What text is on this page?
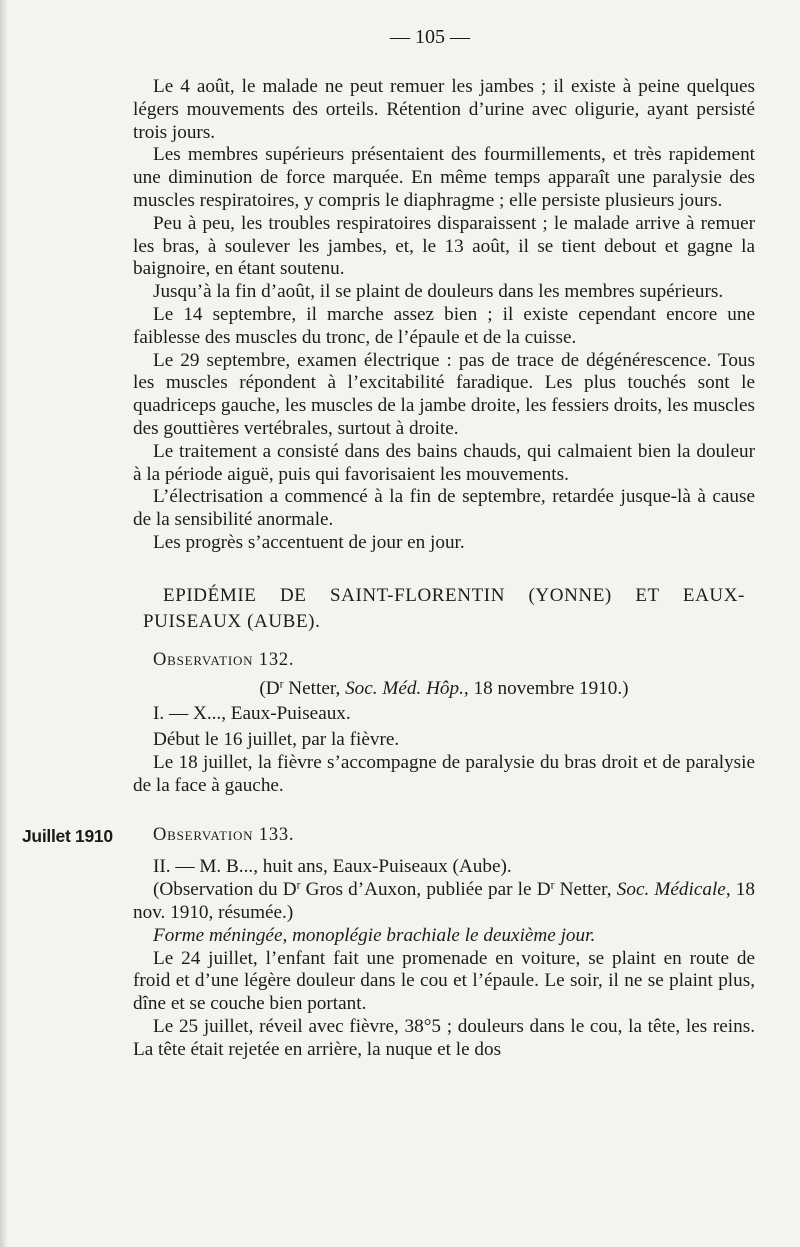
— 105 —
Juillet 1910

Le 4 août, le malade ne peut remuer les jambes ; il existe à peine quelques légers mouvements des orteils. Rétention d’urine avec oligurie, ayant persisté trois jours.

Les membres supérieurs présentaient des fourmillements, et très rapidement une diminution de force marquée. En même temps apparaît une paralysie des muscles respiratoires, y compris le diaphragme ; elle persiste plusieurs jours.

Peu à peu, les troubles respiratoires disparaissent ; le malade arrive à remuer les bras, à soulever les jambes, et, le 13 août, il se tient debout et gagne la baignoire, en étant soutenu.

Jusqu’à la fin d’août, il se plaint de douleurs dans les membres supérieurs.

Le 14 septembre, il marche assez bien ; il existe cependant encore une faiblesse des muscles du tronc, de l’épaule et de la cuisse.

Le 29 septembre, examen électrique : pas de trace de dégénérescence. Tous les muscles répondent à l’excitabilité faradique. Les plus touchés sont le quadriceps gauche, les muscles de la jambe droite, les fessiers droits, les muscles des gouttières vertébrales, surtout à droite.

Le traitement a consisté dans des bains chauds, qui calmaient bien la douleur à la période aiguë, puis qui favorisaient les mouvements.

L’électrisation a commencé à la fin de septembre, retardée jusque-là à cause de la sensibilité anormale.

Les progrès s’accentuent de jour en jour.

EPIDÉMIE DE SAINT-FLORENTIN (YONNE) ET EAUX-PUISEAUX (AUBE).

Observation 132.

($D^r$ Netter, Soc. Méd. Hôp., 18 novembre 1910.)

I. — X..., Eaux-Puiseaux.

Début le 16 juillet, par la fièvre.

Le 18 juillet, la fièvre s’accompagne de paralysie du bras droit et de paralysie de la face à gauche.

Observation 133.

II. — M. B..., huit ans, Eaux-Puiseaux (Aube).

(Observation du $D^r$ Gros d’Auxon, publiée par le $D^r$ Netter, Soc. Médicale, 18 nov. 1910, résumée.)

Forme méningée, monoplégie brachiale le deuxième jour.

Le 24 juillet, l’enfant fait une promenade en voiture, se plaint en route de froid et d’une légère douleur dans le cou et l’épaule. Le soir, il ne se plaint plus, dîne et se couche bien portant.

Le 25 juillet, réveil avec fièvre, 38°5 ; douleurs dans le cou, la tête, les reins. La tête était rejetée en arrière, la nuque et le dos
